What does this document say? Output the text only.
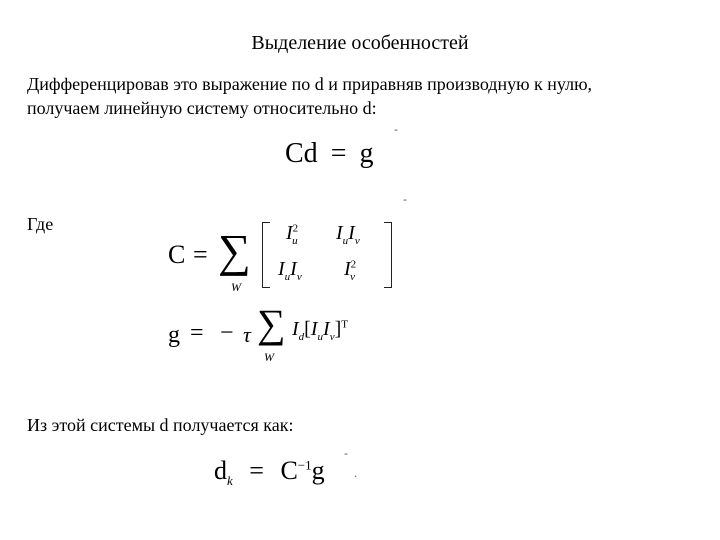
Выделение особенностей
Дифференцировав это выражение по d и приравняв производную к нулю,
получаем линейную систему относительно d:
Cd = g
-
-
Где
C = ∑
W
$I^2_u$ $I_uI_v$
$I_uI_v$ $I^2_v$
g = − τ ∑
W
$I_d[I_uI_v]^T$
Из этой системы d получается как:
$d_k = C^{-1}g$
-
.
